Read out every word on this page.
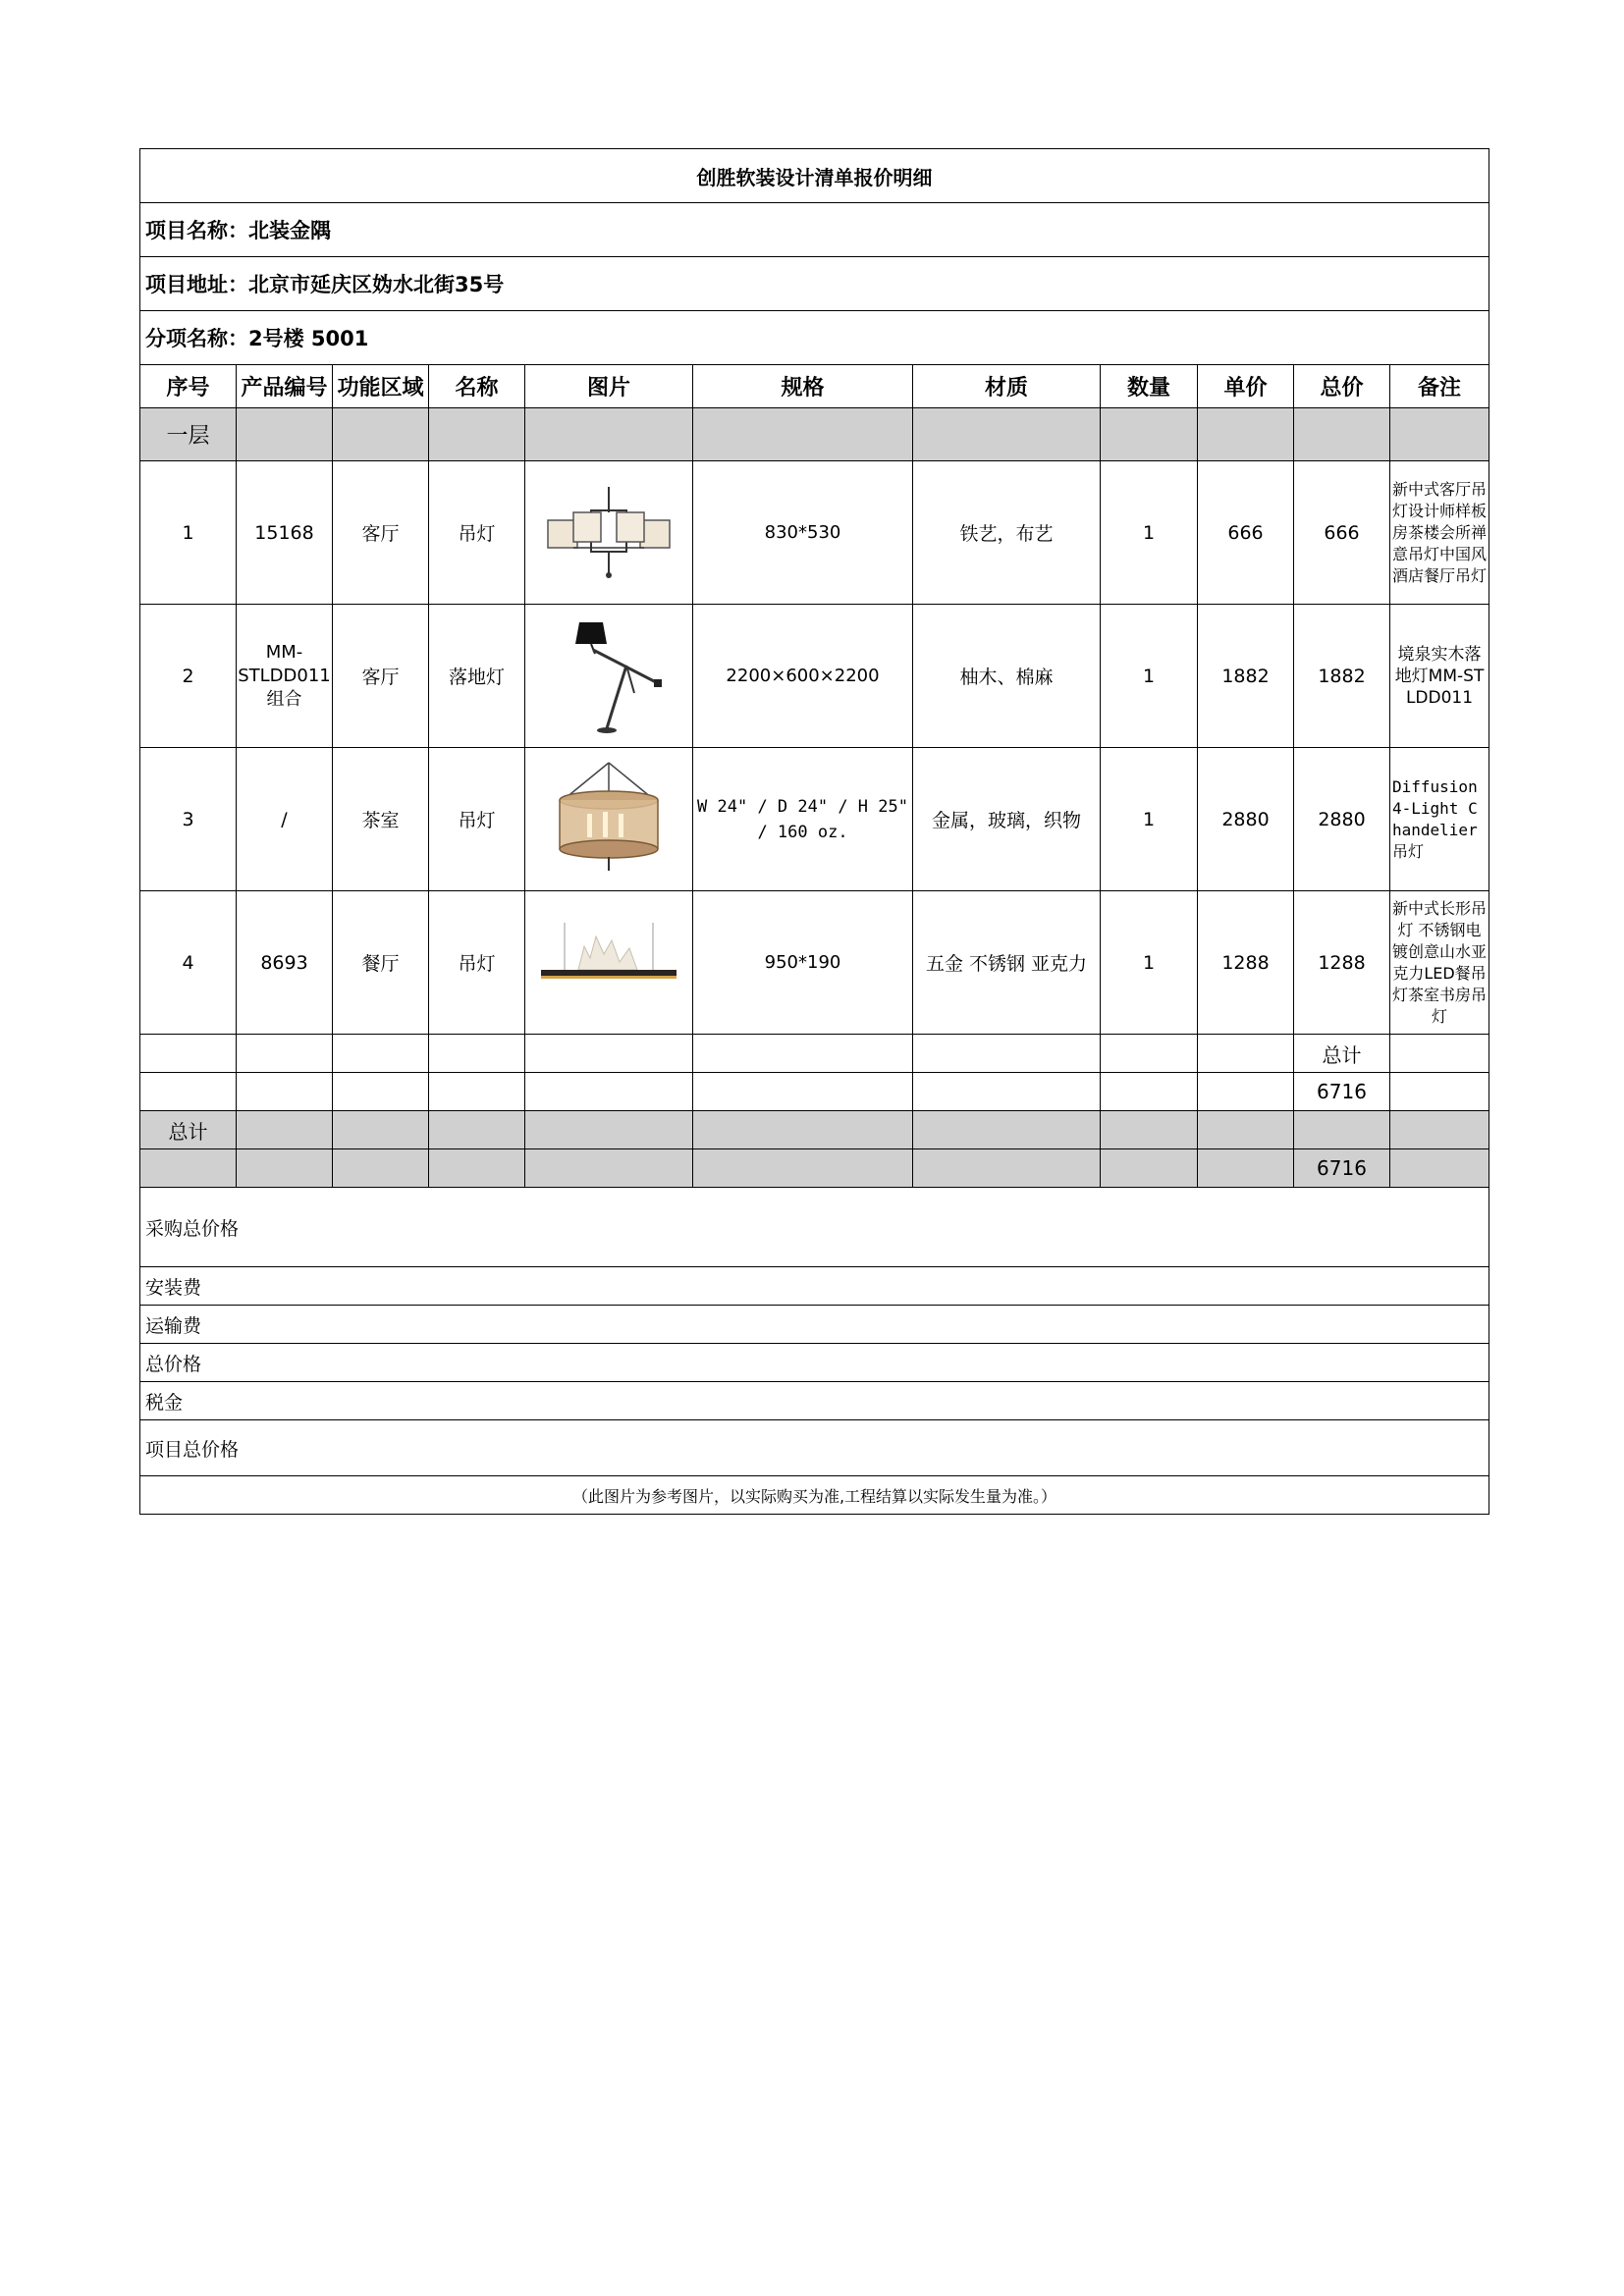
创胜软装设计清单报价明细										
项目名称：北装金隅										
项目地址：北京市延庆区妫水北街35号										
分项名称：2号楼 5001										
序号	产品编号	功能区域	名称	图片	规格	材质	数量	单价	总价	备注
一层										
1	15168	客厅	吊灯		830*530	铁艺，布艺	1	666	666	新中式客厅吊灯设计师样板房茶楼会所禅意吊灯中国风酒店餐厅吊灯
2	MM-STLDD011组合	客厅	落地灯		2200×600×2200	柚木、棉麻	1	1882	1882	境泉实木落地灯MM-STLDD011
3	/	茶室	吊灯		W 24" / D 24" / H 25" / 160 oz.	金属，玻璃，织物	1	2880	2880	Diffusion 4-Light Chandelier 吊灯
4	8693	餐厅	吊灯		950*190	五金 不锈钢 亚克力	1	1288	1288	新中式长形吊灯 不锈钢电镀创意山水亚克力LED餐吊灯茶室书房吊灯
									总计	
									6716	
总计										
									6716	
采购总价格										
安装费										
运输费										
总价格										
税金										
项目总价格										
（此图片为参考图片，以实际购买为准,工程结算以实际发生量为准。）										
